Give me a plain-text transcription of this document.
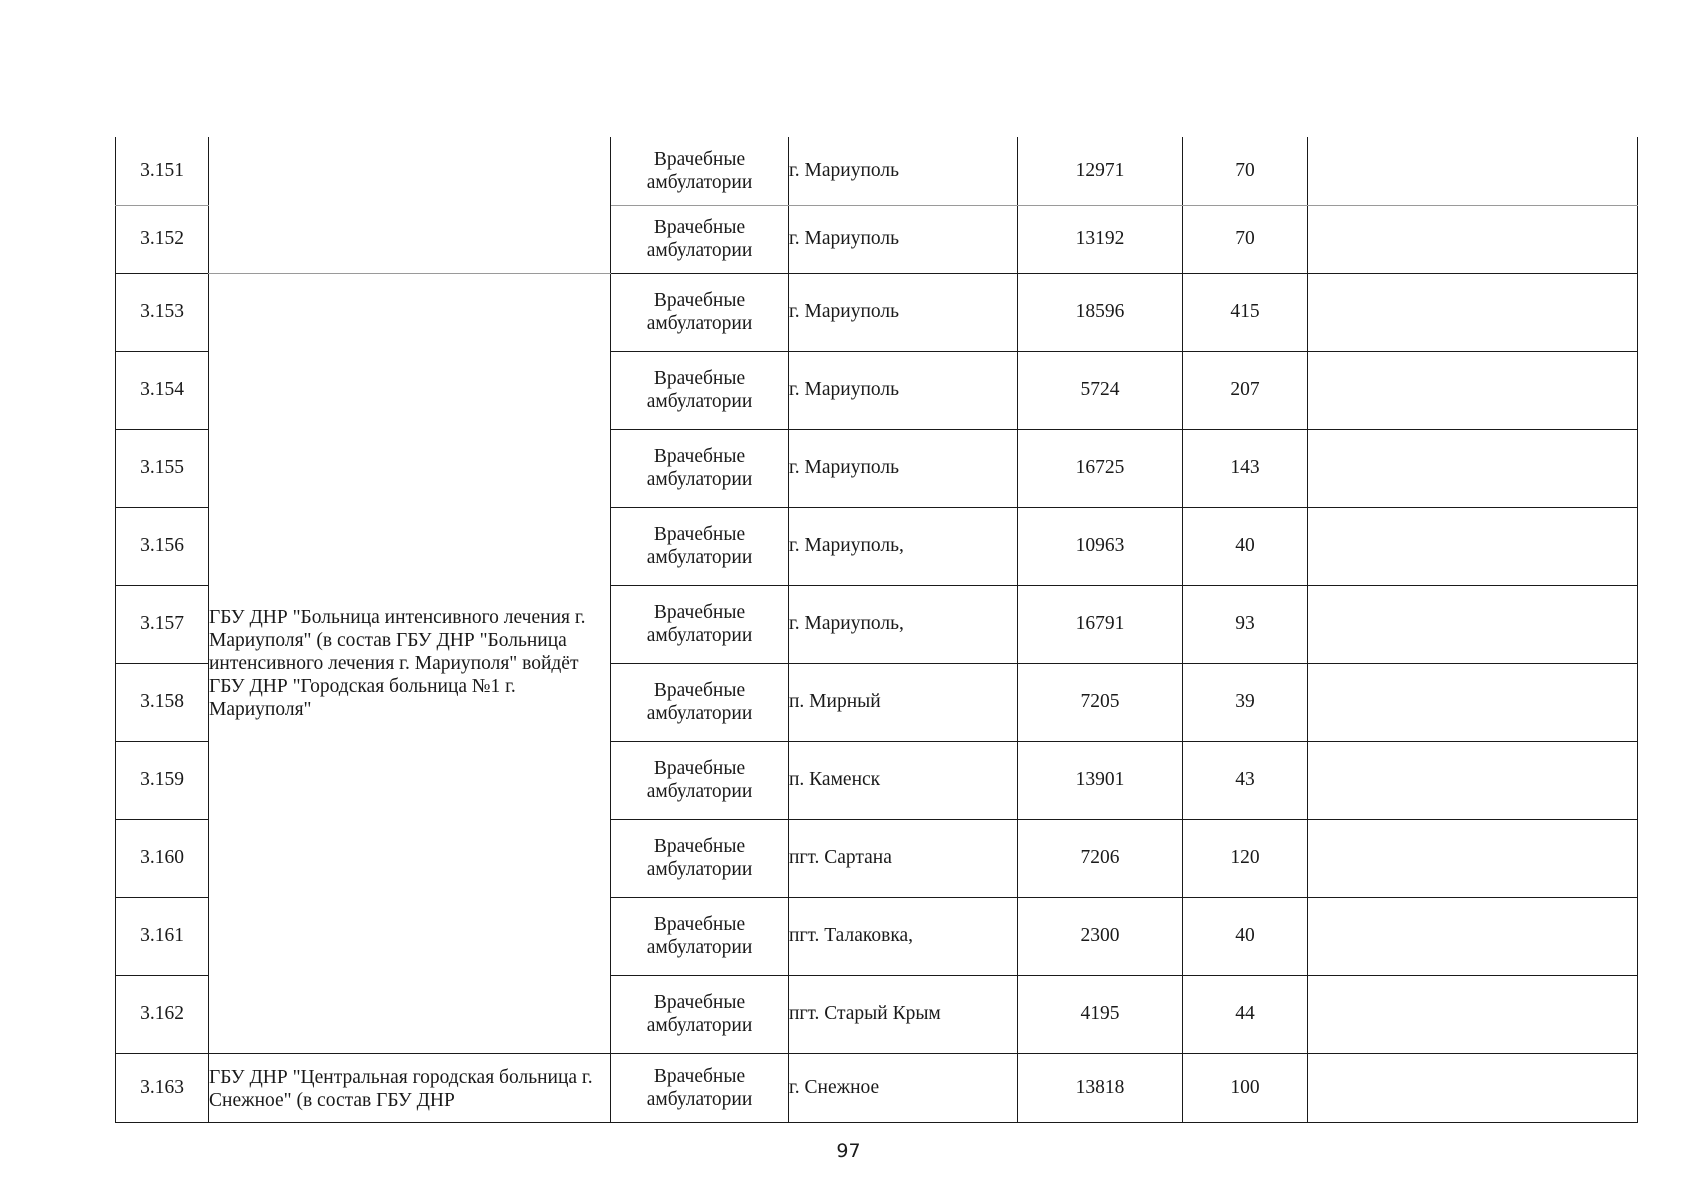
3.151		Врачебные амбулатории	г. Мариуполь	12971	70	
3.152		Врачебные амбулатории	г. Мариуполь	13192	70	
3.153	ГБУ ДНР "Больница интенсивного лечения г. Мариуполя" (в состав ГБУ ДНР "Больница интенсивного лечения г. Мариуполя" войдёт ГБУ ДНР "Городская больница №1 г. Мариуполя"	Врачебные амбулатории	г. Мариуполь	18596	415	
3.154		Врачебные амбулатории	г. Мариуполь	5724	207	
3.155		Врачебные амбулатории	г. Мариуполь	16725	143	
3.156		Врачебные амбулатории	г. Мариуполь,	10963	40	
3.157		Врачебные амбулатории	г. Мариуполь,	16791	93	
3.158		Врачебные амбулатории	п. Мирный	7205	39	
3.159		Врачебные амбулатории	п. Каменск	13901	43	
3.160		Врачебные амбулатории	пгт. Сартана	7206	120	
3.161		Врачебные амбулатории	пгт. Талаковка,	2300	40	
3.162		Врачебные амбулатории	пгт. Старый Крым	4195	44	
3.163	ГБУ ДНР "Центральная городская больница г. Снежное" (в состав ГБУ ДНР	Врачебные амбулатории	г. Снежное	13818	100	
97
